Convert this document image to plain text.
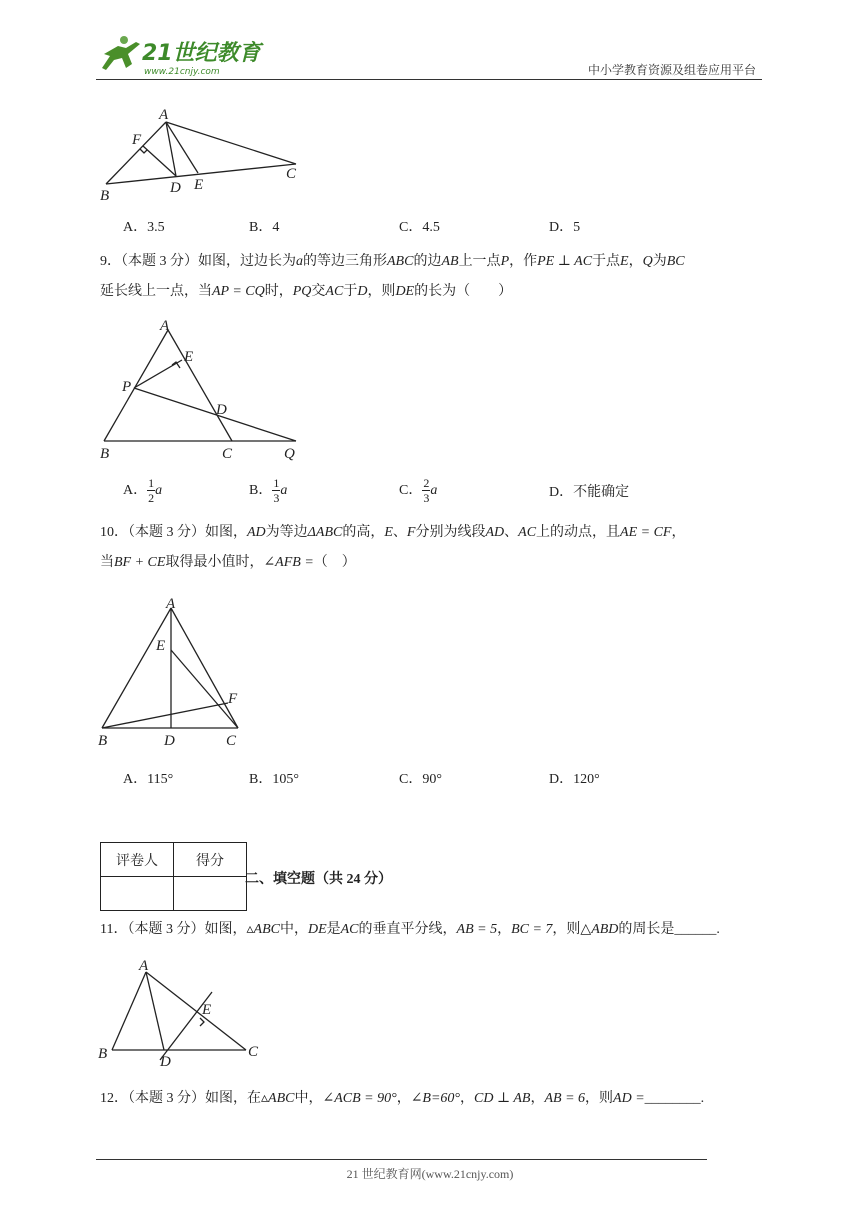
21世纪教育
www.21cnjy.com	中小学教育资源及组卷应用平台
A
F
B	D E
C
A．3.5	B．4	C．4.5	D．5
9．（本题 3 分）如图，过边长为a的等边三角形ABC的边AB上一点P，作PE ⊥ AC于点E，Q为BC
延长线上一点，当AP = CQ时，PQ交AC于D，则DE的长为（　　）
A
E
P
D
B	C	Q
A． $\frac{1}{2}$ a	B． $\frac{1}{3}$ a	C． $\frac{2}{3}$ a	D．不能确定
10．（本题 3 分）如图，AD为等边ΔABC的高，E、F分别为线段AD、AC上的动点，且AE = CF，
当BF + CE取得最小值时，∠AFB =（　）
A
E
F
B	D	C
A．115°	B．105°	C．90°	D．120°
评卷人	得分

二、填空题（共 24 分）
11．（本题 3 分）如图，▵ABC中，DE是AC的垂直平分线，AB = 5，BC = 7，则△ABD的周长是______.
A
E
B	D
C
12．（本题 3 分）如图，在▵ABC中，∠ACB = 90°，∠B=60°，CD ⊥ AB，AB = 6，则AD =________.
21 世纪教育网(www.21cnjy.com)
